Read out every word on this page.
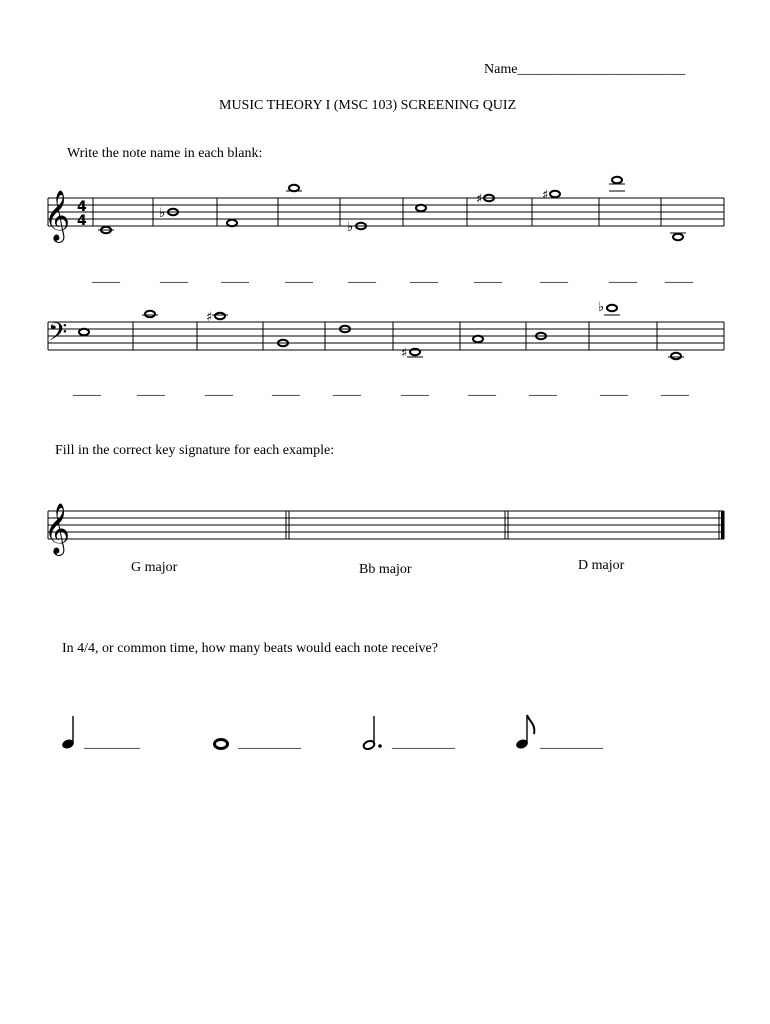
Name________________________
MUSIC THEORY I (MSC 103) SCREENING QUIZ
Write the note name in each blank:
𝄞 4
4	♭
♭
♯	♯
____	____ ____	____	____ ____	____	____	____ ____
𝄢
♯
♯
♭
____	____	____	____ ____	____	____ ____	____ ____
Fill in the correct key signature for each example:
𝄞
G major	Bb major	D major
In 4/4, or common time, how many beats would each note receive?
________	_________	_________	_________
